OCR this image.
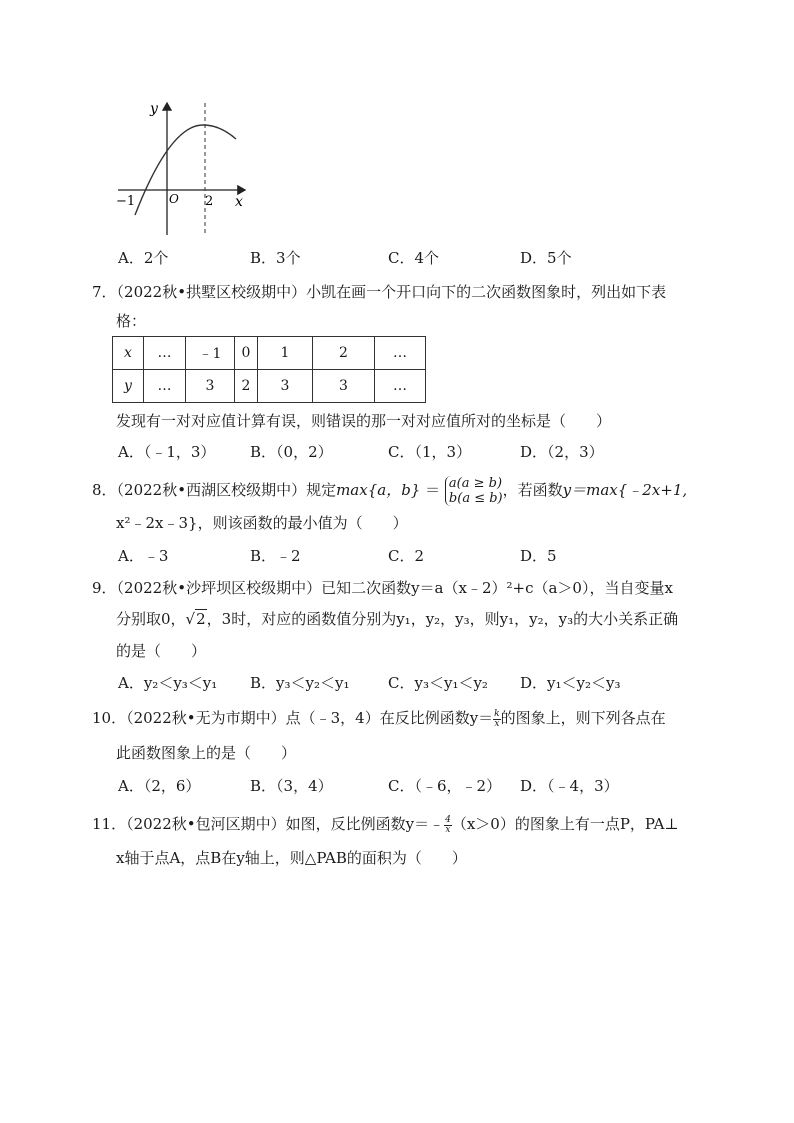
y
x
O
−1	2
A．2个	B．3个	C．4个	D．5个
7．（2022秋•拱墅区校级期中）小凯在画一个开口向下的二次函数图象时，列出如下表
格：
x	…	﹣1	0	1	2	…
y	…	3	2	3	3	…
发现有一对对应值计算有误，则错误的那一对对应值所对的坐标是（　　）
A．（﹣1，3） B．（0，2）	C．（1，3）	D．（2，3）
8．（2022秋•西湖区校级期中）规定max{a，b} ＝ a(a ≥ b)
b(a ≤ b) ，若函数y＝max{﹣2x+1,
x²﹣2x﹣3}，则该函数的最小值为（　　）
A．﹣3	B．﹣2	C．2	D．5
9．（2022秋•沙坪坝区校级期中）已知二次函数y＝a（x﹣2）²+c（a＞0），当自变量x
分别取0，√2，3时，对应的函数值分别为y₁，y₂，y₃，则y₁，y₂，y₃的大小关系正确
的是（　　）
A．y₂＜y₃＜y₁ B．y₃＜y₂＜y₁	C．y₃＜y₁＜y₂ D．y₁＜y₂＜y₃
10．（2022秋•无为市期中）点（﹣3，4）在反比例函数$y= \frac{k}{x}$ 的图象上，则下列各点在
此函数图象上的是（　　）
A．（2，6）	B．（3，4）	C．（﹣6，﹣2） D．（﹣4，3）
11．（2022秋•包河区期中）如图，反比例函数y＝﹣ $\frac{4}{x} (x>0)$的图象上有一点P，PA⊥
x轴于点A，点B在y轴上，则△PAB的面积为（　　）
